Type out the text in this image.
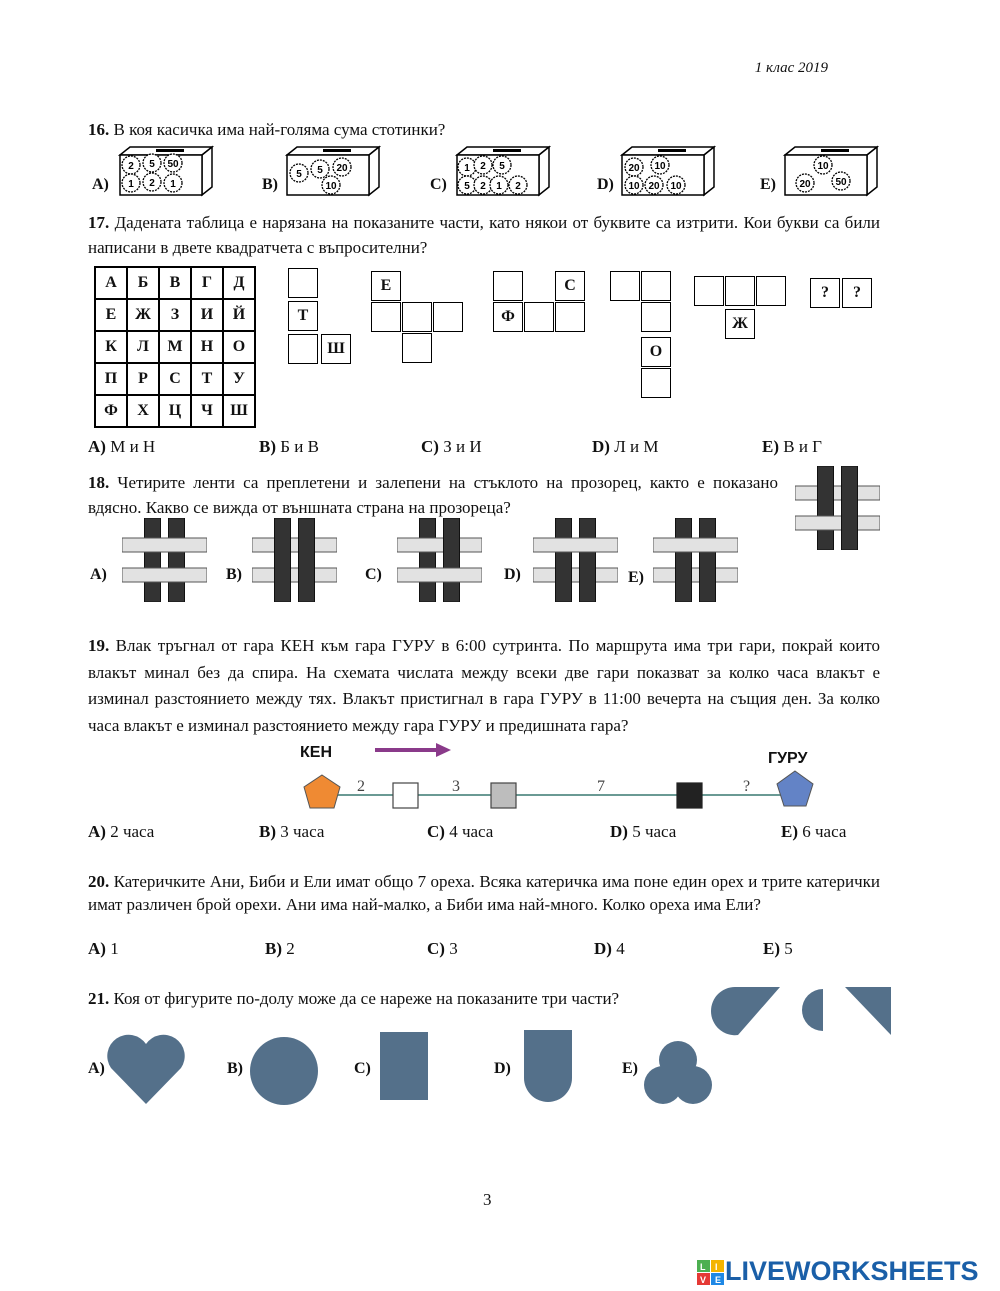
1 клас 2019
16. В коя касичка има най-голяма сума стотинки?
A)
2 5 50
1 2 1	B)
5 5 20
10	C)
1 2 5
5 2 1 2	D)
20 10
10 20 10	E)
10
20 50
17. Дадената таблица е нарязана на показаните части, като някои от буквите са изтрити. Кои букви са били написани в двете квадратчета с въпросителни?
А	Б	В	Г	Д
Е	Ж	З	И	Й
К	Л	М	Н	О
П	Р	С	Т	У
Ф	Х	Ц	Ч	Ш
Т
Ш
Е	С
Ф
О
Ж
?	?
A) М и Н	B) Б и В	C) З и И	D) Л и М	E) В и Г
18. Четирите ленти са преплетени и залепени на стъклото на прозорец, както е показано вдясно. Какво се вижда от външната страна на прозореца?
A)	B)	C)	D)	E)
19. Влак тръгнал от гара КЕН към гара ГУРУ в 6:00 сутринта. По маршрута има три гари, покрай които влакът минал без да спира. На схемата числата между всеки две гари показват за колко часа влакът е изминал разстоянието между тях. Влакът пристигнал в гара ГУРУ в 11:00 вечерта на същия ден. За колко часа влакът е изминал разстоянието между гара ГУРУ и предишната гара?
КЕН	ГУРУ
2	3	7	?
A) 2 часа	B) 3 часа	C) 4 часа	D) 5 часа	E) 6 часа
20. Катеричките Ани, Биби и Ели имат общо 7 ореха. Всяка катеричка има поне един орех и трите катерички имат различен брой орехи. Ани има най-малко, а Биби има най-много. Колко ореха има Ели?
A) 1	B) 2	C) 3	D) 4	E) 5
21. Коя от фигурите по-долу може да се нареже на показаните три части?
A)	B)	C)	D)	E)
3
L I
V E LIVEWORKSHEETS
